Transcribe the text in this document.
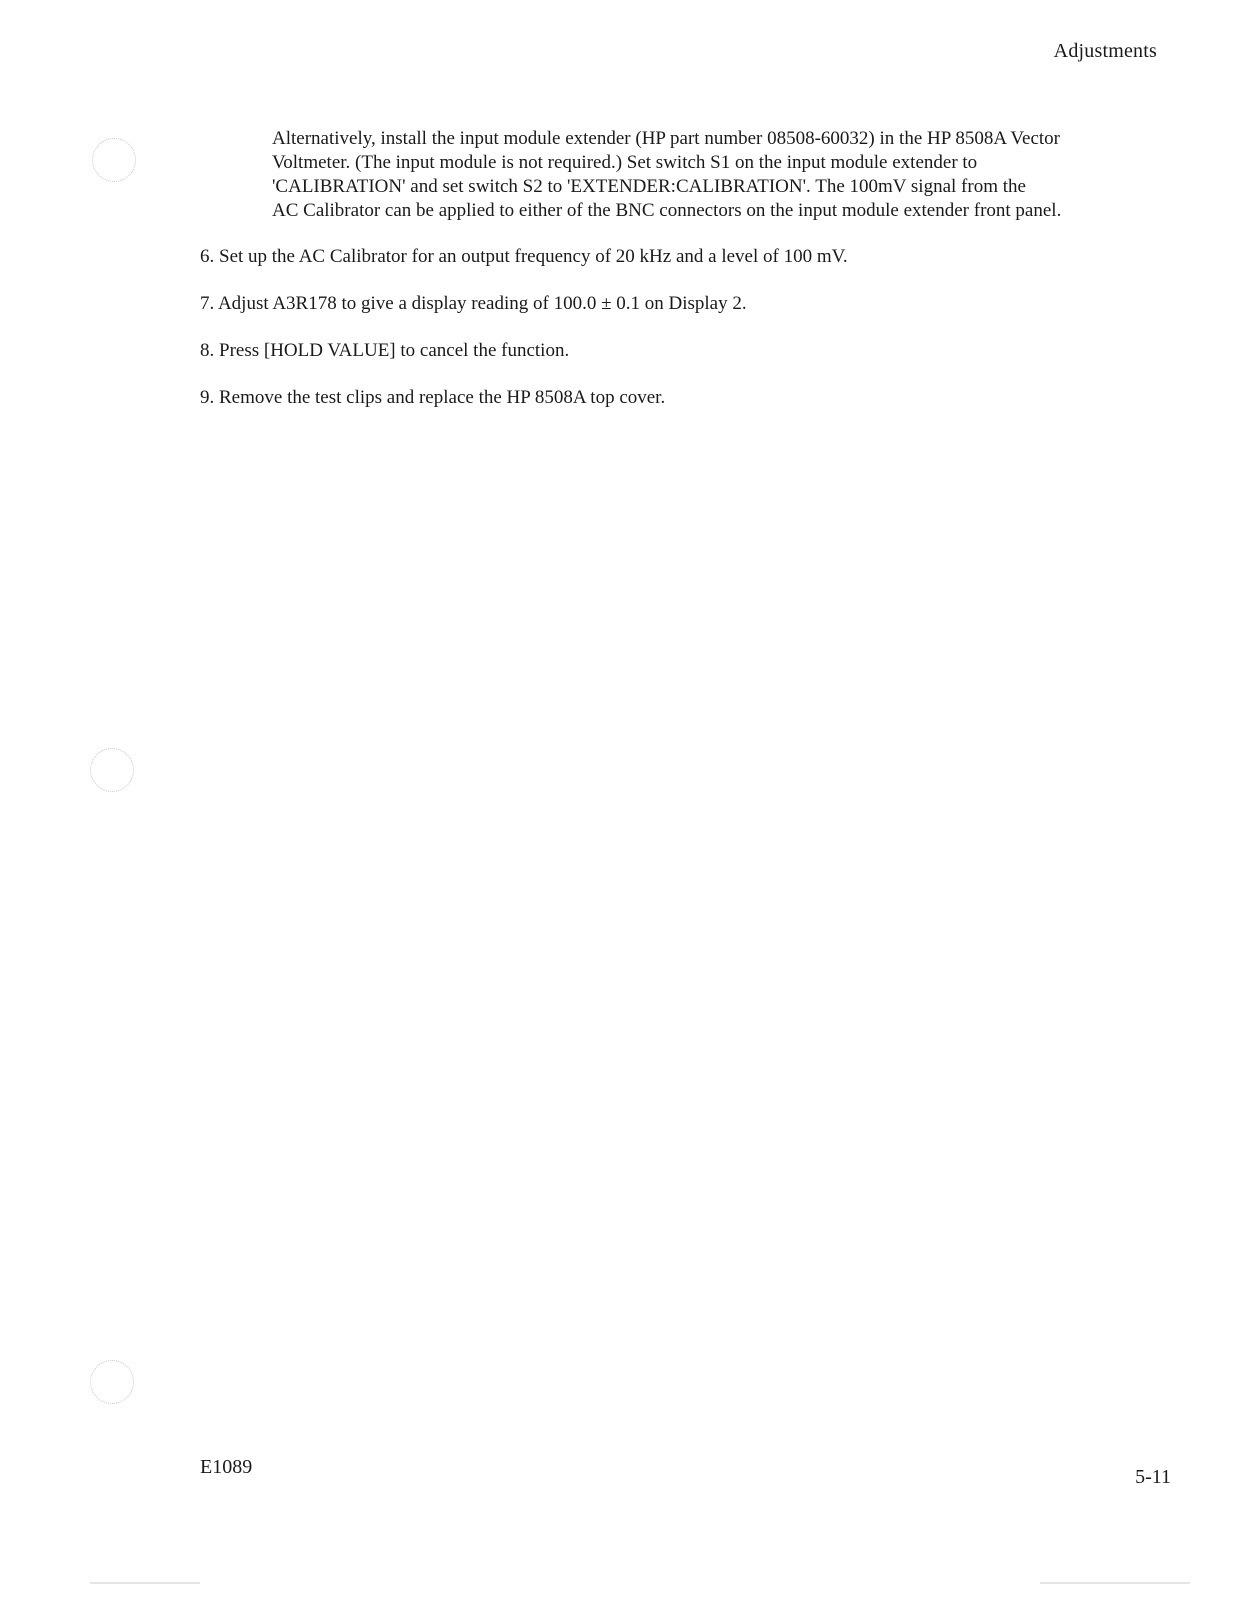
Adjustments
Alternatively, install the input module extender (HP part number 08508-60032) in the HP 8508A Vector
Voltmeter. (The input module is not required.) Set switch S1 on the input module extender to
'CALIBRATION' and set switch S2 to 'EXTENDER:CALIBRATION'. The 100mV signal from the
AC Calibrator can be applied to either of the BNC connectors on the input module extender front panel.
6. Set up the AC Calibrator for an output frequency of 20 kHz and a level of 100 mV.
7. Adjust A3R178 to give a display reading of 100.0 ± 0.1 on Display 2.
8. Press [HOLD VALUE] to cancel the function.
9. Remove the test clips and replace the HP 8508A top cover.
E1089	5-11
